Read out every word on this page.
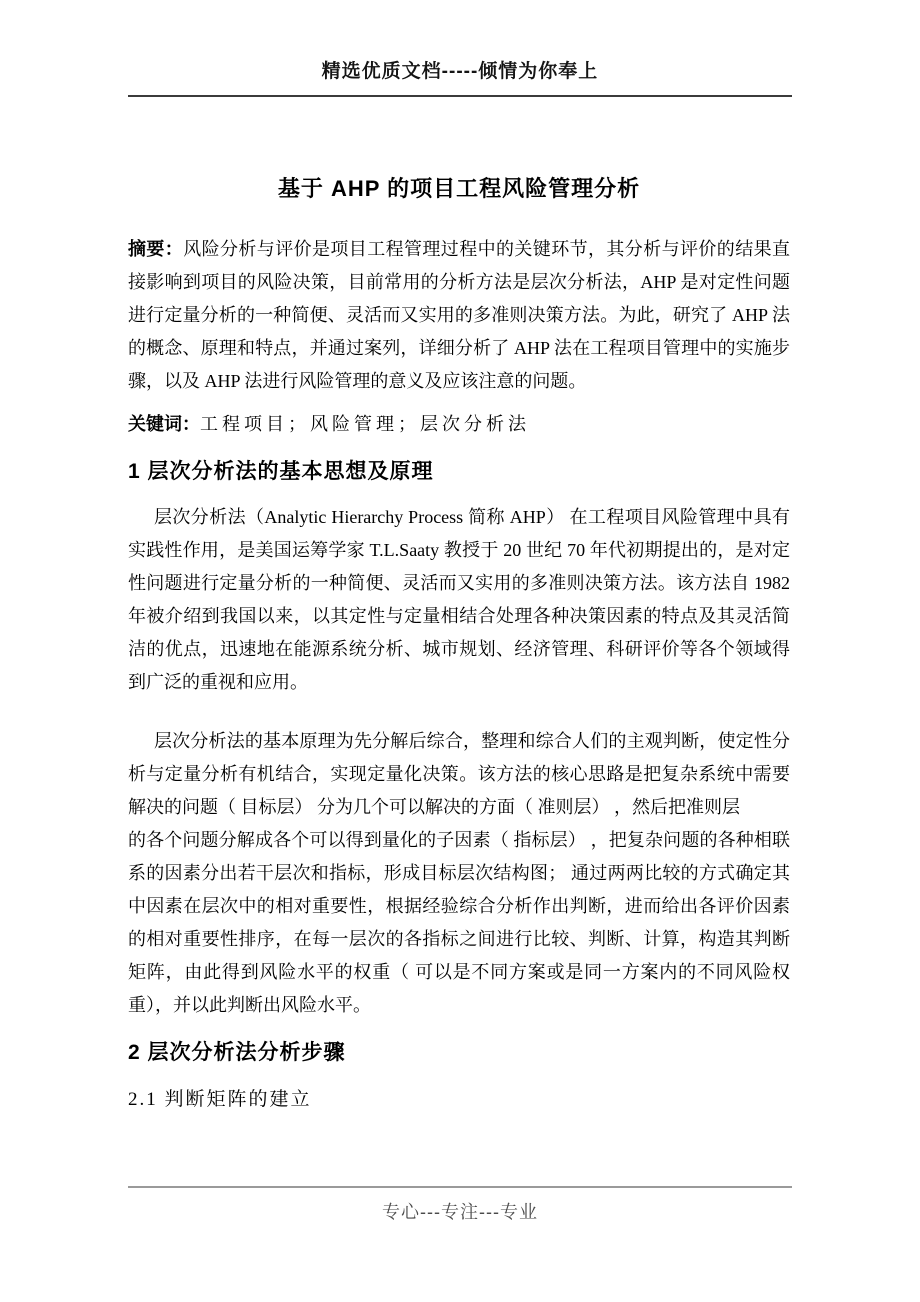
精选优质文档-----倾情为你奉上
基于 AHP 的项目工程风险管理分析

摘要：风险分析与评价是项目工程管理过程中的关键环节，其分析与评价的结果直接影响到项目的风险决策，目前常用的分析方法是层次分析法，AHP 是对定性问题进行定量分析的一种简便、灵活而又实用的多准则决策方法。为此，研究了 AHP 法的概念、原理和特点，并通过案列，详细分析了 AHP 法在工程项目管理中的实施步骤，以及 AHP 法进行风险管理的意义及应该注意的问题。

关键词：工程项目；风险管理；层次分析法

1 层次分析法的基本思想及原理

层次分析法（Analytic Hierarchy Process 简称 AHP） 在工程项目风险管理中具有实践性作用，是美国运筹学家 T.L.Saaty 教授于 20 世纪 70 年代初期提出的，是对定性问题进行定量分析的一种简便、灵活而又实用的多准则决策方法。该方法自 1982 年被介绍到我国以来，以其定性与定量相结合处理各种决策因素的特点及其灵活简洁的优点，迅速地在能源系统分析、城市规划、经济管理、科研评价等各个领域得到广泛的重视和应用。

层次分析法的基本原理为先分解后综合，整理和综合人们的主观判断，使定性分析与定量分析有机结合，实现定量化决策。该方法的核心思路是把复杂系统中需要解决的问题（ 目标层） 分为几个可以解决的方面（ 准则层） ，然后把准则层

的各个问题分解成各个可以得到量化的子因素（ 指标层） ，把复杂问题的各种相联系的因素分出若干层次和指标，形成目标层次结构图； 通过两两比较的方式确定其中因素在层次中的相对重要性，根据经验综合分析作出判断，进而给出各评价因素的相对重要性排序，在每一层次的各指标之间进行比较、判断、计算，构造其判断矩阵，由此得到风险水平的权重（ 可以是不同方案或是同一方案内的不同风险权重），并以此判断出风险水平。

2 层次分析法分析步骤

2.1 判断矩阵的建立

专心---专注---专业
